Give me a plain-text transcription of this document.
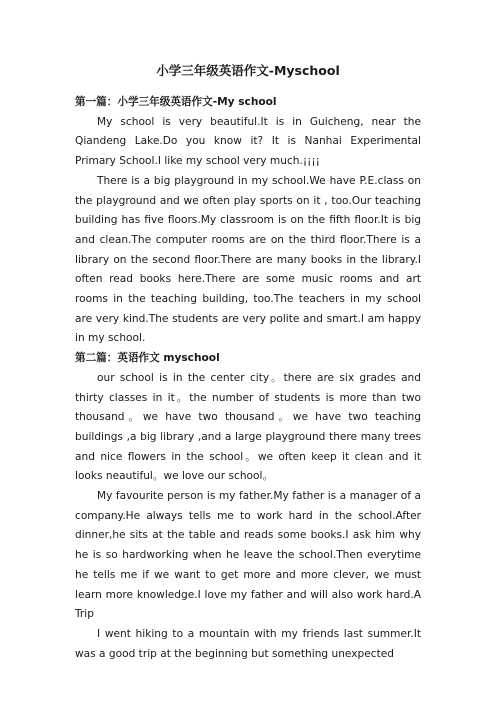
小学三年级英语作文-Myschool

第一篇：小学三年级英语作文-My school

My school is very beautiful.It is in Guicheng, near the Qiandeng Lake.Do you know it? It is Nanhai Experimental Primary School.I like my school very much.¡¡¡¡

There is a big playground in my school.We have P.E.class on the playground and we often play sports on it , too.Our teaching building has five floors.My classroom is on the fifth floor.It is big and clean.The computer rooms are on the third floor.There is a library on the second floor.There are many books in the library.I often read books here.There are some music rooms and art rooms in the teaching building, too.The teachers in my school are very kind.The students are very polite and smart.I am happy in my school.

第二篇：英语作文 myschool

our school is in the center city。there are six grades and thirty classes in it。the number of students is more than two thousand。we have two thousand。we have two teaching buildings ,a big library ,and a large playground there many trees and nice flowers in the school。we often keep it clean and it looks neautiful。we love our school。

My favourite person is my father.My father is a manager of a company.He always tells me to work hard in the school.After dinner,he sits at the table and reads some books.I ask him why he is so hardworking when he leave the school.Then everytime he tells me if we want to get more and more clever, we must learn more knowledge.I love my father and will also work hard.A Trip

I went hiking to a mountain with my friends last summer.It was a good trip at the beginning but something unexpected
